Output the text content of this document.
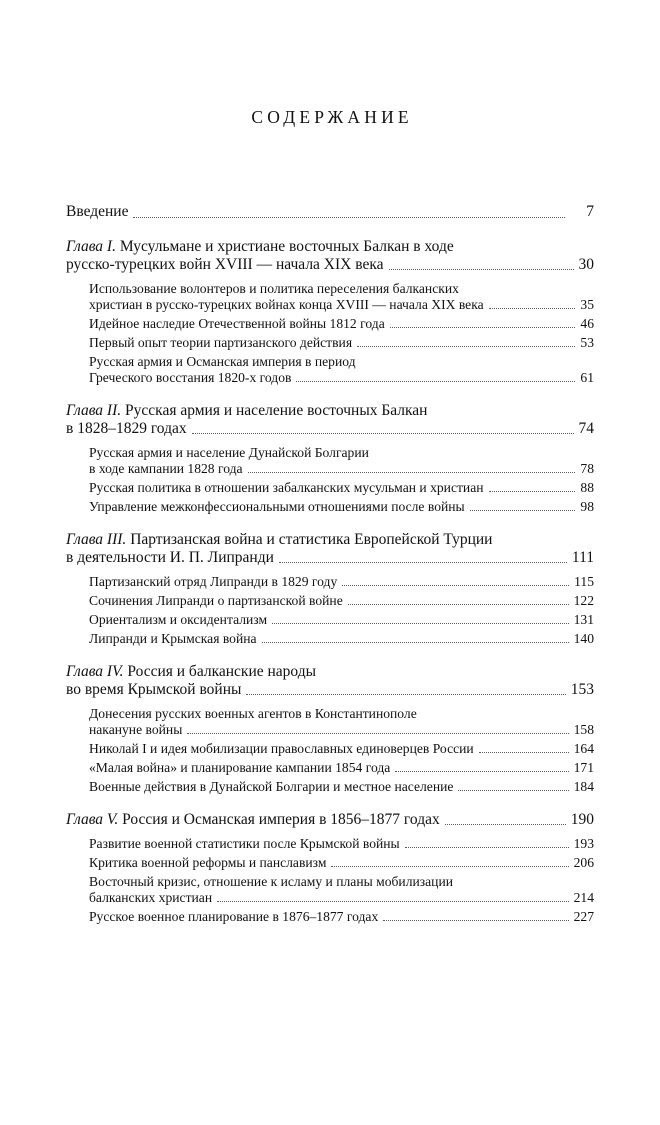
СОДЕРЖАНИЕ
Введение	7
Глава I. Мусульмане и христиане восточных Балкан в ходе
русско-турецких войн XVIII — начала XIX века	30
Использование волонтеров и политика переселения балканских
христиан в русско-турецких войнах конца XVIII — начала XIX века	35
Идейное наследие Отечественной войны 1812 года	46
Первый опыт теории партизанского действия	53
Русская армия и Османская империя в период
Греческого восстания 1820-х годов	61
Глава II. Русская армия и население восточных Балкан
в 1828–1829 годах	74
Русская армия и население Дунайской Болгарии
в ходе кампании 1828 года	78
Русская политика в отношении забалканских мусульман и христиан	88
Управление межконфессиональными отношениями после войны	98
Глава III. Партизанская война и статистика Европейской Турции
в деятельности И. П. Липранди	111
Партизанский отряд Липранди в 1829 году	115
Сочинения Липранди о партизанской войне	122
Ориентализм и оксидентализм	131
Липранди и Крымская война	140
Глава IV. Россия и балканские народы
во время Крымской войны	153
Донесения русских военных агентов в Константинополе
накануне войны	158
Николай I и идея мобилизации православных единоверцев России	164
«Малая война» и планирование кампании 1854 года	171
Военные действия в Дунайской Болгарии и местное население	184
Глава V. Россия и Османская империя в 1856–1877 годах	190
Развитие военной статистики после Крымской войны	193
Критика военной реформы и панславизм	206
Восточный кризис, отношение к исламу и планы мобилизации
балканских христиан	214
Русское военное планирование в 1876–1877 годах	227
